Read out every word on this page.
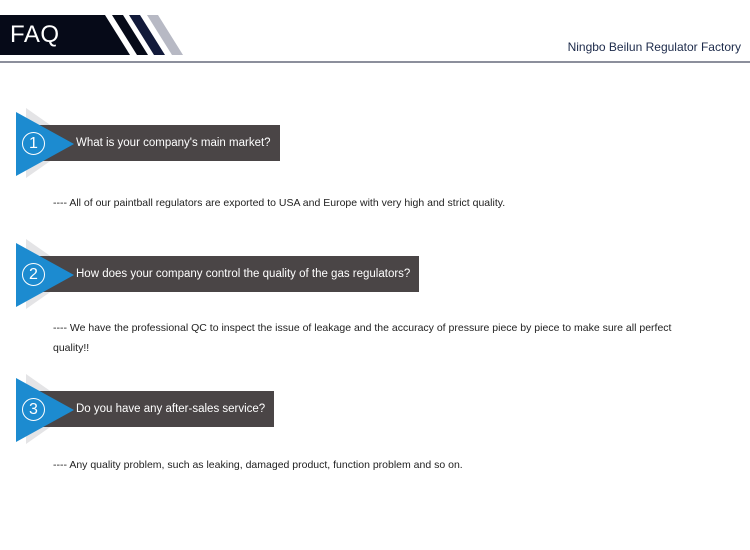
FAQ	Ningbo Beilun Regulator Factory
What is your company's main market?
1
---- All of our paintball regulators are exported to USA and Europe with very high and strict quality.
How does your company control the quality of the gas regulators?
2
---- We have the professional QC to inspect the issue of leakage and the accuracy of pressure piece by piece to make sure all perfect quality!!
Do you have any after-sales service?
3
---- Any quality problem, such as leaking, damaged product, function problem and so on.
